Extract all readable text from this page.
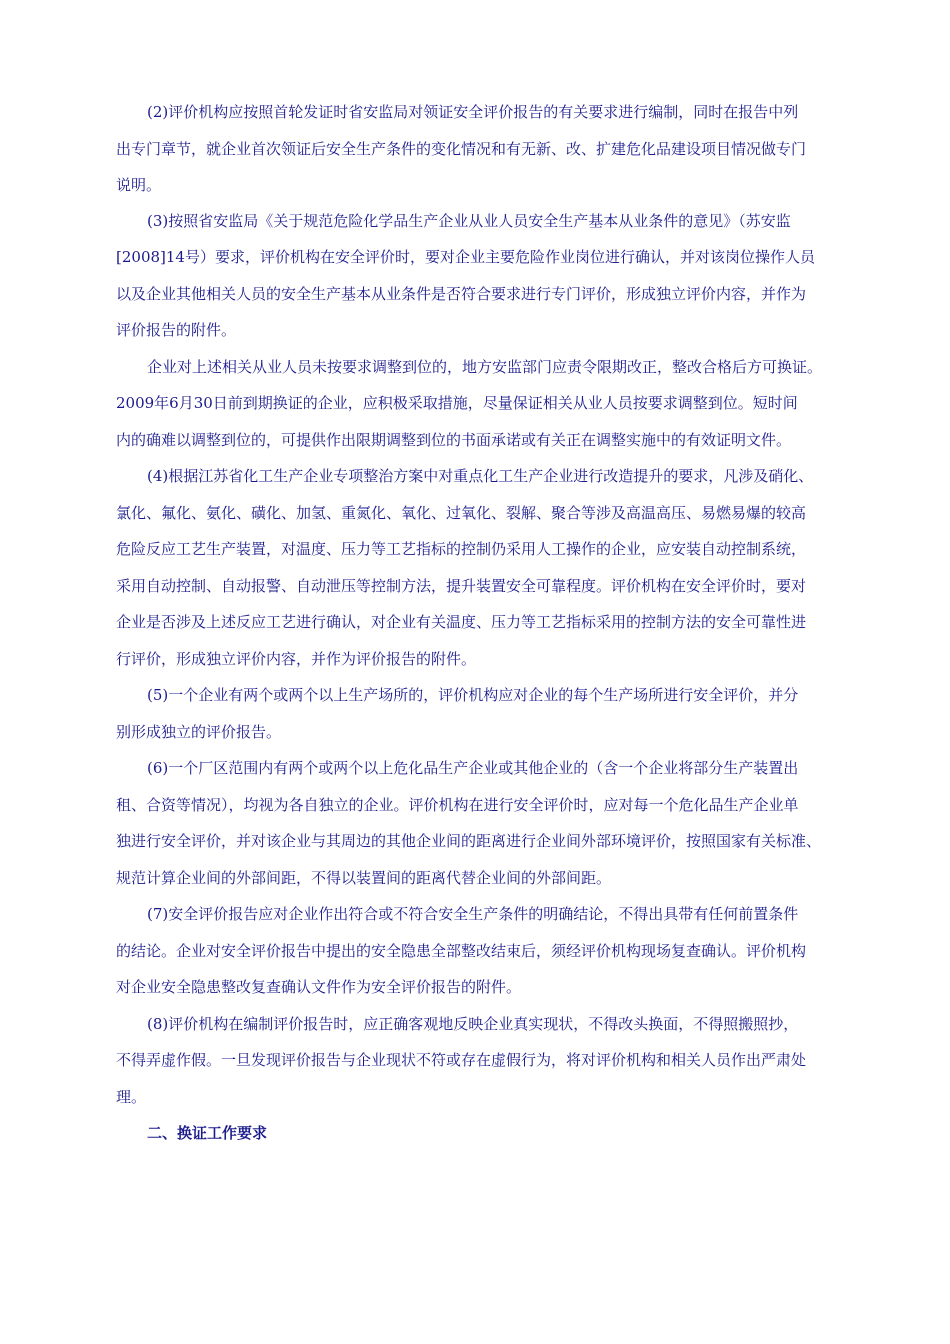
(2)评价机构应按照首轮发证时省安监局对领证安全评价报告的有关要求进行编制，同时在报告中列
出专门章节，就企业首次领证后安全生产条件的变化情况和有无新、改、扩建危化品建设项目情况做专门
说明。
(3)按照省安监局《关于规范危险化学品生产企业从业人员安全生产基本从业条件的意见》（苏安监
[2008]14号）要求，评价机构在安全评价时，要对企业主要危险作业岗位进行确认，并对该岗位操作人员
以及企业其他相关人员的安全生产基本从业条件是否符合要求进行专门评价，形成独立评价内容，并作为
评价报告的附件。
企业对上述相关从业人员未按要求调整到位的，地方安监部门应责令限期改正，整改合格后方可换证。
2009年6月30日前到期换证的企业，应积极采取措施，尽量保证相关从业人员按要求调整到位。短时间
内的确难以调整到位的，可提供作出限期调整到位的书面承诺或有关正在调整实施中的有效证明文件。
(4)根据江苏省化工生产企业专项整治方案中对重点化工生产企业进行改造提升的要求，凡涉及硝化、
氯化、氟化、氨化、磺化、加氢、重氮化、氧化、过氧化、裂解、聚合等涉及高温高压、易燃易爆的较高
危险反应工艺生产装置，对温度、压力等工艺指标的控制仍采用人工操作的企业，应安装自动控制系统，
采用自动控制、自动报警、自动泄压等控制方法，提升装置安全可靠程度。评价机构在安全评价时，要对
企业是否涉及上述反应工艺进行确认，对企业有关温度、压力等工艺指标采用的控制方法的安全可靠性进
行评价，形成独立评价内容，并作为评价报告的附件。
(5)一个企业有两个或两个以上生产场所的，评价机构应对企业的每个生产场所进行安全评价，并分
别形成独立的评价报告。
(6)一个厂区范围内有两个或两个以上危化品生产企业或其他企业的（含一个企业将部分生产装置出
租、合资等情况），均视为各自独立的企业。评价机构在进行安全评价时，应对每一个危化品生产企业单
独进行安全评价，并对该企业与其周边的其他企业间的距离进行企业间外部环境评价，按照国家有关标准、
规范计算企业间的外部间距，不得以装置间的距离代替企业间的外部间距。
(7)安全评价报告应对企业作出符合或不符合安全生产条件的明确结论，不得出具带有任何前置条件
的结论。企业对安全评价报告中提出的安全隐患全部整改结束后，须经评价机构现场复查确认。评价机构
对企业安全隐患整改复查确认文件作为安全评价报告的附件。
(8)评价机构在编制评价报告时，应正确客观地反映企业真实现状，不得改头换面，不得照搬照抄，
不得弄虚作假。一旦发现评价报告与企业现状不符或存在虚假行为，将对评价机构和相关人员作出严肃处
理。
二、换证工作要求
